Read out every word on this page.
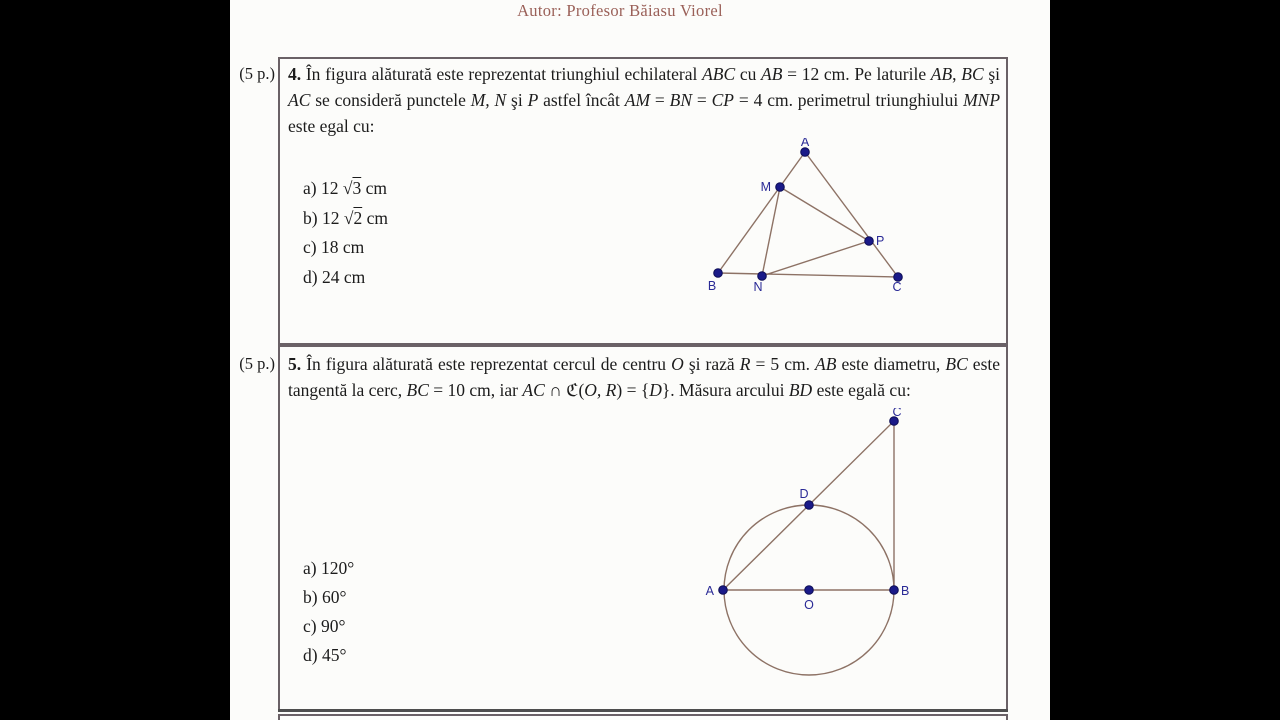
Autor: Profesor Băiasu Viorel
(5 p.) 4. În figura alăturată este reprezentat triunghiul echilateral ABC cu AB = 12 cm. Pe laturile AB, BC şi AC se consideră punctele M, N şi P astfel încât AM = BN = CP = 4 cm. perimetrul triunghiului MNP este egal cu:
a) 12 √3 cm
b) 12 √2 cm
c) 18 cm
d) 24 cm
A
M
B	N	C
P
(5 p.) 5. În figura alăturată este reprezentat cercul de centru O şi rază R = 5 cm. AB este diametru, BC este tangentă la cerc, BC = 10 cm, iar AC ∩ ℭ(O, R) = {D}. Măsura arcului BD este egală cu:
a) 120°
b) 60°
c) 90°
d) 45°
A	B
C
D
O
